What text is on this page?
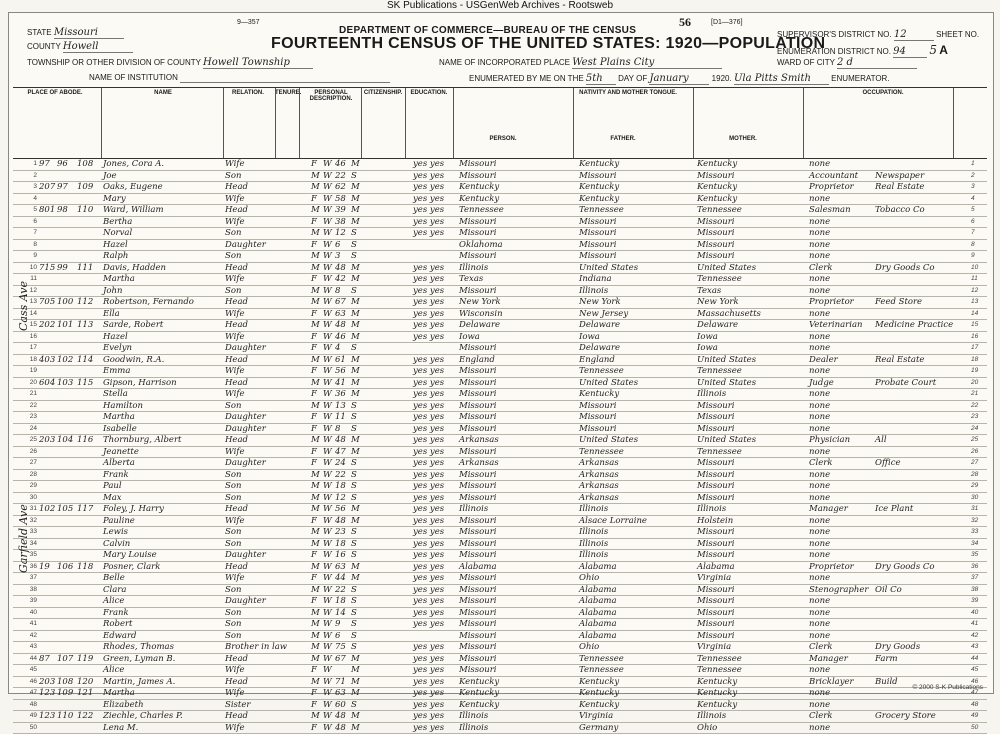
SK Publications - USGenWeb Archives - Rootsweb
9—357	56	[D1—376]
DEPARTMENT OF COMMERCE—BUREAU OF THE CENSUS
FOURTEENTH CENSUS OF THE UNITED STATES: 1920—POPULATION
STATE Missouri
COUNTY Howell
TOWNSHIP OR OTHER DIVISION OF COUNTY Howell Township
NAME OF INSTITUTION
NAME OF INCORPORATED PLACE West Plains City
ENUMERATED BY ME ON THE 5th DAY OF January	1920. Ula Pitts Smith	ENUMERATOR.
SUPERVISOR'S DISTRICT NO. 12	SHEET NO.
ENUMERATION DISTRICT NO. 94 5 A
WARD OF CITY 2 d
PLACE OF ABODE.	NAME	RELATION.	TENURE.	PERSONAL DESCRIPTION.
CITIZENSHIP.	EDUCATION.	NATIVITY AND MOTHER TONGUE.
PERSON.	FATHER.	MOTHER.
OCCUPATION.
1 97 96	108	Jones, Cora A.	Wife	F W 46 M	yes yes	Missouri	Kentucky	Kentucky	none	1
2	Joe	Son	M W 22 S	yes yes	Missouri	Missouri	Missouri	Accountant	Newspaper	2
3 207 97	109	Oaks, Eugene	Head	M W 62 M	yes yes	Kentucky	Kentucky	Kentucky	Proprietor	Real Estate	3
4	Mary	Wife	F W 58 M	yes yes	Kentucky	Kentucky	Kentucky	none	4
5 801 98	110	Ward, William	Head	M W 39 M	yes yes	Tennessee	Tennessee	Tennessee	Salesman	Tobacco Co	5
6	Bertha	Wife	F W 38 M	yes yes	Missouri	Missouri	Missouri	none	6
7	Norval	Son	M W 12 S	yes yes	Missouri	Missouri	Missouri	none	7
8	Hazel	Daughter	F W 6	S	Oklahoma	Missouri	Missouri	none	8
9	Ralph	Son	M W 3	S	Missouri	Missouri	Missouri	none	9
10 715 99	111	Davis, Hadden	Head	M W 48 M	yes yes	Illinois	United States	United States	Clerk	Dry Goods Co	10
11	Martha	Wife	F W 42 M	yes yes	Texas	Indiana	Tennessee	none	11
12	John	Son	M W 8	S	yes yes	Missouri	Illinois	Texas	none	12
13 705 100 112	Robertson, Fernando	Head	M W 67 M	yes yes	New York	New York	New York	Proprietor	Feed Store	13
14	Ella	Wife	F W 63 M	yes yes	Wisconsin	New Jersey	Massachusetts	none	14
15 202 101 113	Sarde, Robert	Head	M W 48 M	yes yes	Delaware	Delaware	Delaware	Veterinarian	Medicine Practice	15
16	Hazel	Wife	F W 46 M	yes yes	Iowa	Iowa	Iowa	none	16
17	Evelyn	Daughter	F W 4	S	Missouri	Delaware	Iowa	none	17
18 403 102 114	Goodwin, R.A.	Head	M W 61 M	yes yes	England	England	United States	Dealer	Real Estate	18
19	Emma	Wife	F W 56 M	yes yes	Missouri	Tennessee	Tennessee	none	19
20 604 103 115	Gipson, Harrison	Head	M W 41 M	yes yes	Missouri	United States	United States	Judge	Probate Court	20
21	Stella	Wife	F W 36 M	yes yes	Missouri	Kentucky	Illinois	none	21
22	Hamilton	Son	M W 13 S	yes yes	Missouri	Missouri	Missouri	none	22
23	Martha	Daughter	F W 11 S	yes yes	Missouri	Missouri	Missouri	none	23
24	Isabelle	Daughter	F W 8	S	yes yes	Missouri	Missouri	Missouri	none	24
25 203 104 116	Thornburg, Albert	Head	M W 48 M	yes yes	Arkansas	United States	United States	Physician	All	25
26	Jeanette	Wife	F W 47 M	yes yes	Missouri	Tennessee	Tennessee	none	26
27	Alberta	Daughter	F W 24 S	yes yes	Arkansas	Arkansas	Missouri	Clerk	Office	27
28	Frank	Son	M W 22 S	yes yes	Missouri	Arkansas	Missouri	none	28
29	Paul	Son	M W 18 S	yes yes	Missouri	Arkansas	Missouri	none	29
30	Max	Son	M W 12 S	yes yes	Missouri	Arkansas	Missouri	none	30
31 102 105 117	Foley, J. Harry	Head	M W 56 M	yes yes	Illinois	Illinois	Illinois	Manager	Ice Plant	31
32	Pauline	Wife	F W 48 M	yes yes	Missouri	Alsace Lorraine	Holstein	none	32
33	Lewis	Son	M W 23 S	yes yes	Missouri	Illinois	Missouri	none	33
34	Calvin	Son	M W 18 S	yes yes	Missouri	Illinois	Missouri	none	34
35	Mary Louise	Daughter	F W 16 S	yes yes	Missouri	Illinois	Missouri	none	35
36 19 106 118	Posner, Clark	Head	M W 63 M	yes yes	Alabama	Alabama	Alabama	Proprietor	Dry Goods Co	36
37	Belle	Wife	F W 44 M	yes yes	Missouri	Ohio	Virginia	none	37
38	Clara	Son	M W 22 S	yes yes	Missouri	Alabama	Missouri	Stenographer Oil Co	38
39	Alice	Daughter	F W 18 S	yes yes	Missouri	Alabama	Missouri	none	39
40	Frank	Son	M W 14 S	yes yes	Missouri	Alabama	Missouri	none	40
41	Robert	Son	M W 9	S	yes yes	Missouri	Alabama	Missouri	none	41
42	Edward	Son	M W 6	S	Missouri	Alabama	Missouri	none	42
43	Rhodes, Thomas	Brother in law	M W 75 S	yes yes	Missouri	Ohio	Virginia	Clerk	Dry Goods	43
44 87 107 119	Green, Lyman B.	Head	M W 67 M	yes yes	Missouri	Tennessee	Tennessee	Manager	Farm	44
45	Alice	Wife	F W M	yes yes	Missouri	Tennessee	Tennessee	none	45
46 203 108 120	Martin, James A.	Head	M W 71 M	yes yes	Kentucky	Kentucky	Kentucky	Bricklayer	Build	46
47 123 109 121	Martha	Wife	F W 63 M	yes yes	Kentucky	Kentucky	Kentucky	none	47
48	Elizabeth	Sister	F W 60 S	yes yes	Kentucky	Kentucky	Kentucky	none	48
49 123 110 122	Ziechle, Charles P.	Head	M W 48 M	yes yes	Illinois	Virginia	Illinois	Clerk	Grocery Store	49
50	Lena M.	Wife	F W 48 M	yes yes	Illinois	Germany	Ohio	none	50
Cass Ave
Garfield Ave
© 2000 S-K Publications
